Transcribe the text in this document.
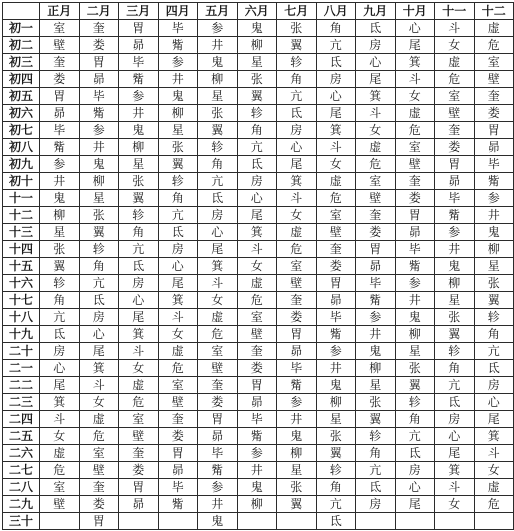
	正月	二月	三月	四月	五月	六月	七月	八月	九月	十月	十一	十二
初一	室	奎	胃	毕	参	鬼	张	角	氐	心	斗	虚
初二	壁	娄	昴	觜	井	柳	翼	亢	房	尾	女	危
初三	奎	胃	毕	参	鬼	星	轸	氐	心	箕	虚	室
初四	娄	昴	觜	井	柳	张	角	房	尾	斗	危	壁
初五	胃	毕	参	鬼	星	翼	亢	心	箕	女	室	奎
初六	昴	觜	井	柳	张	轸	氐	尾	斗	虚	壁	娄
初七	毕	参	鬼	星	翼	角	房	箕	女	危	奎	胃
初八	觜	井	柳	张	轸	亢	心	斗	虚	室	娄	昴
初九	参	鬼	星	翼	角	氐	尾	女	危	壁	胃	毕
初十	井	柳	张	轸	亢	房	箕	虚	室	奎	昴	觜
十一	鬼	星	翼	角	氐	心	斗	危	壁	娄	毕	参
十二	柳	张	轸	亢	房	尾	女	室	奎	胃	觜	井
十三	星	翼	角	氐	心	箕	虚	壁	娄	昴	参	鬼
十四	张	轸	亢	房	尾	斗	危	奎	胃	毕	井	柳
十五	翼	角	氐	心	箕	女	室	娄	昴	觜	鬼	星
十六	轸	亢	房	尾	斗	虚	壁	胃	毕	参	柳	张
十七	角	氐	心	箕	女	危	奎	昴	觜	井	星	翼
十八	亢	房	尾	斗	虚	室	娄	毕	参	鬼	张	轸
十九	氐	心	箕	女	危	壁	胃	觜	井	柳	翼	角
二十	房	尾	斗	虚	室	奎	昴	参	鬼	星	轸	亢
二一	心	箕	女	危	壁	娄	毕	井	柳	张	角	氐
二二	尾	斗	虚	室	奎	胃	觜	鬼	星	翼	亢	房
二三	箕	女	危	壁	娄	昴	参	柳	张	轸	氐	心
二四	斗	虚	室	奎	胃	毕	井	星	翼	角	房	尾
二五	女	危	壁	娄	昴	觜	鬼	张	轸	亢	心	箕
二六	虚	室	奎	胃	毕	参	柳	翼	角	氐	尾	斗
二七	危	壁	娄	昴	觜	井	星	轸	亢	房	箕	女
二八	室	奎	胃	毕	参	鬼	张	角	氐	心	斗	虚
二九	壁	娄	昴	觜	井	柳	翼	亢	房	尾	女	危
三十		胃			鬼			氐				
